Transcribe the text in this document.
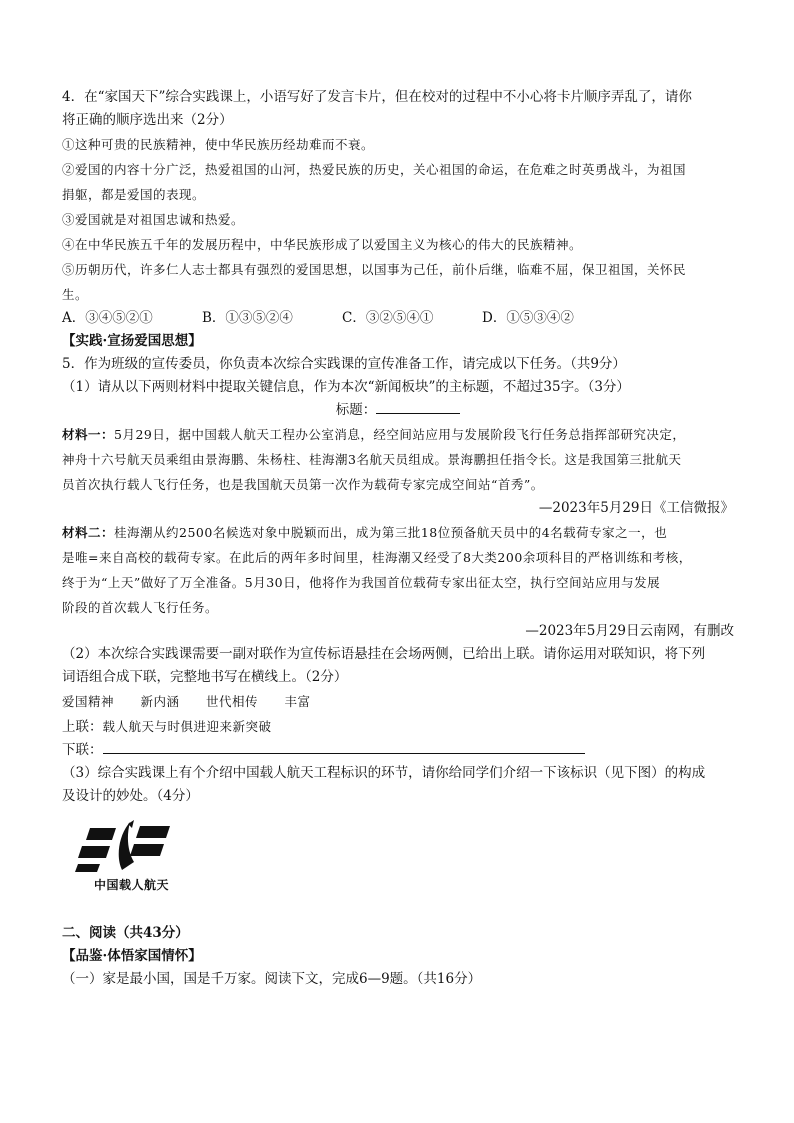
4．在“家国天下”综合实践课上，小语写好了发言卡片，但在校对的过程中不小心将卡片顺序弄乱了，请你
将正确的顺序选出来（2分）
①这种可贵的民族精神，使中华民族历经劫难而不衰。
②爱国的内容十分广泛，热爱祖国的山河，热爱民族的历史，关心祖国的命运，在危难之时英勇战斗，为祖国
捐躯，都是爱国的表现。
③爱国就是对祖国忠诚和热爱。
④在中华民族五千年的发展历程中，中华民族形成了以爱国主义为核心的伟大的民族精神。
⑤历朝历代，许多仁人志士都具有强烈的爱国思想，以国事为己任，前仆后继，临难不屈，保卫祖国，关怀民
生。
A．③④⑤②①	B．①③⑤②④	C．③②⑤④①	D．①⑤③④②
【实践·宣扬爱国思想】
5．作为班级的宣传委员，你负责本次综合实践课的宣传准备工作，请完成以下任务。（共9分）
（1）请从以下两则材料中提取关键信息，作为本次“新闻板块”的主标题，不超过35字。（3分）
标题：
材料一：5月29日，据中国载人航天工程办公室消息，经空间站应用与发展阶段飞行任务总指挥部研究决定，
神舟十六号航天员乘组由景海鹏、朱杨柱、桂海潮3名航天员组成。景海鹏担任指令长。这是我国第三批航天
员首次执行载人飞行任务，也是我国航天员第一次作为载荷专家完成空间站“首秀”。
—2023年5月29日《工信微报》
材料二：桂海潮从约2500名候选对象中脱颖而出，成为第三批18位预备航天员中的4名载荷专家之一，也
是唯=来自高校的载荷专家。在此后的两年多时间里，桂海潮又经受了8大类200余项科目的严格训练和考核，
终于为“上天”做好了万全准备。5月30日，他将作为我国首位载荷专家出征太空，执行空间站应用与发展
阶段的首次载人飞行任务。
—2023年5月29日云南网，有删改
（2）本次综合实践课需要一副对联作为宣传标语悬挂在会场两侧，已给出上联。请你运用对联知识，将下列
词语组合成下联，完整地书写在横线上。（2分）
爱国精神 新内涵 世代相传 丰富
上联：载人航天与时俱进迎来新突破
下联：
（3）综合实践课上有个介绍中国载人航天工程标识的环节，请你给同学们介绍一下该标识（见下图）的构成
及设计的妙处。（4分）
中国载人航天
二、阅读（共43分）
【品鉴·体悟家国情怀】
（一）家是最小国，国是千万家。阅读下文，完成6—9题。（共16分）
